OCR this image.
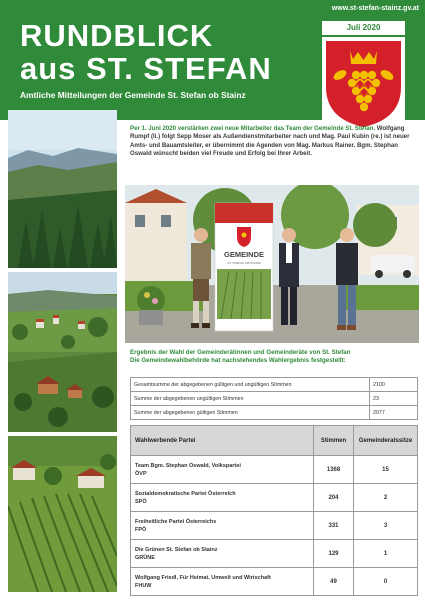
www.st-stefan-stainz.gv.at
RUNDBLICK
aus ST. STEFAN
Amtliche Mitteilungen der Gemeinde St. Stefan ob Stainz
Juli 2020
Per 1. Juni 2020 verstärken zwei neue Mitarbeiter das Team der Gemeinde St. Stefan. Wolfgang Rumpf (li.) folgt Sepp Moser als Außendienstmitarbeiter nach und Mag. Paul Kubin (re.) ist neuer Amts- und Bauamtsleiter, er übernimmt die Agenden von Mag. Markus Rainer. Bgm. Stephan Oswald wünscht beiden viel Freude und Erfolg bei Ihrer Arbeit.
GEMEINDE
ST. STEFAN OB STAINZ
Ergebnis der Wahl der Gemeinderätinnen und Gemeinderäte von St. Stefan
Die Gemeindewahlbehörde hat nachstehendes Wahlergebnis festgestellt:
Gesamtsumme der abgegebenen gültigen und ungültigen Stimmen	2100
Summe der abgegebenen ungültigen Stimmen	23
Summe der abgegebenen gültigen Stimmen	2077
Wahlwerbende Partei	Stimmen	Gemeinderatssitze

Team Bgm. Stephan Oswald, Volkspartei
ÖVP	1368	15

Sozialdemokratische Partei Österreich
SPÖ	204	2

Freiheitliche Partei Österreichs
FPÖ	331	3

Die Grünen St. Stefan ob Stainz
GRÜNE	129	1

Wolfgang Friedl, Für Heimat, Umwelt und Wirtschaft
FHUW	49	0
